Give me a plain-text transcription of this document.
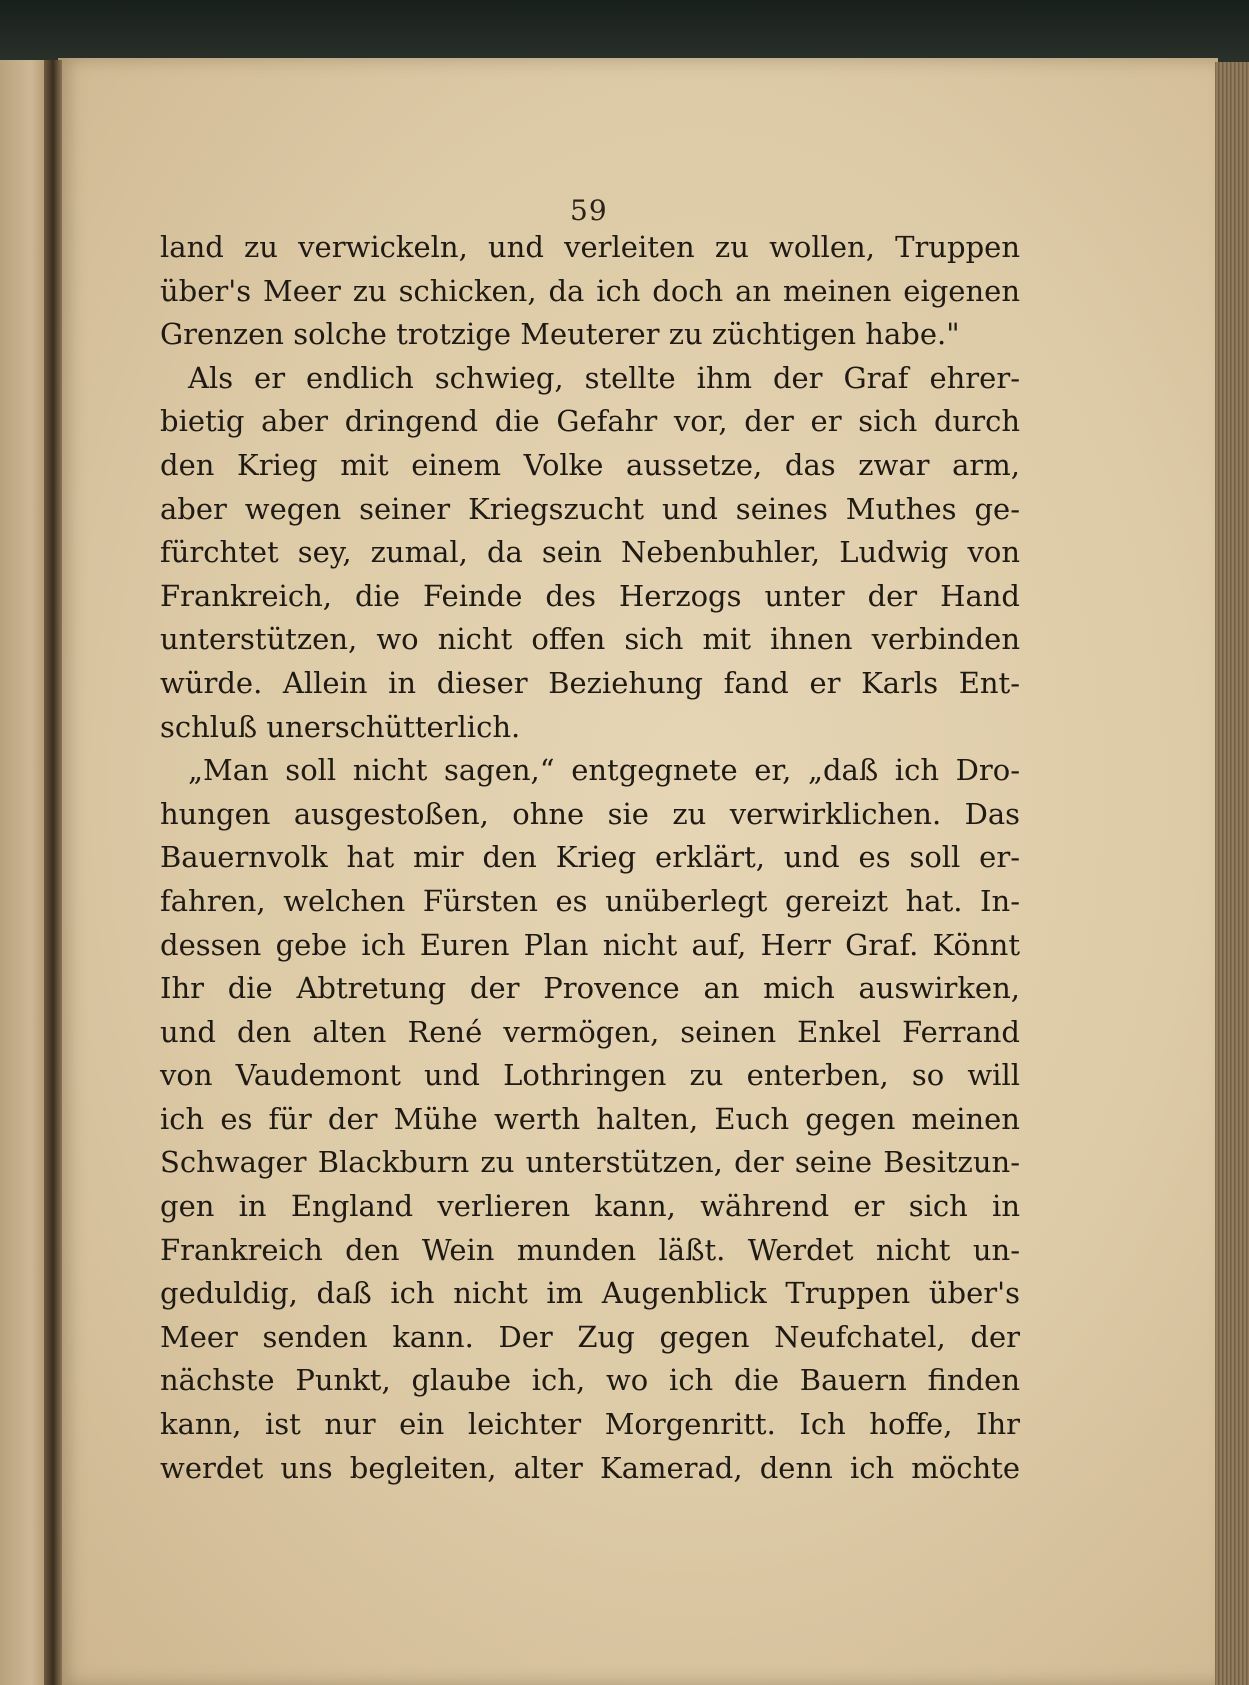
59
land zu verwickeln, und verleiten zu wollen, Truppen
über's Meer zu schicken, da ich doch an meinen eigenen
Grenzen solche trotzige Meuterer zu züchtigen habe."
Als er endlich schwieg, stellte ihm der Graf ehrer-
bietig aber dringend die Gefahr vor, der er sich durch
den Krieg mit einem Volke aussetze, das zwar arm,
aber wegen seiner Kriegszucht und seines Muthes ge-
fürchtet sey, zumal, da sein Nebenbuhler, Ludwig von
Frankreich, die Feinde des Herzogs unter der Hand
unterstützen, wo nicht offen sich mit ihnen verbinden
würde. Allein in dieser Beziehung fand er Karls Ent-
schluß unerschütterlich.
„Man soll nicht sagen,“ entgegnete er, „daß ich Dro-
hungen ausgestoßen, ohne sie zu verwirklichen. Das
Bauernvolk hat mir den Krieg erklärt, und es soll er-
fahren, welchen Fürsten es unüberlegt gereizt hat. In-
dessen gebe ich Euren Plan nicht auf, Herr Graf. Könnt
Ihr die Abtretung der Provence an mich auswirken,
und den alten René vermögen, seinen Enkel Ferrand
von Vaudemont und Lothringen zu enterben, so will
ich es für der Mühe werth halten, Euch gegen meinen
Schwager Blackburn zu unterstützen, der seine Besitzun-
gen in England verlieren kann, während er sich in
Frankreich den Wein munden läßt. Werdet nicht un-
geduldig, daß ich nicht im Augenblick Truppen über's
Meer senden kann. Der Zug gegen Neufchatel, der
nächste Punkt, glaube ich, wo ich die Bauern finden
kann, ist nur ein leichter Morgenritt. Ich hoffe, Ihr
werdet uns begleiten, alter Kamerad, denn ich möchte
